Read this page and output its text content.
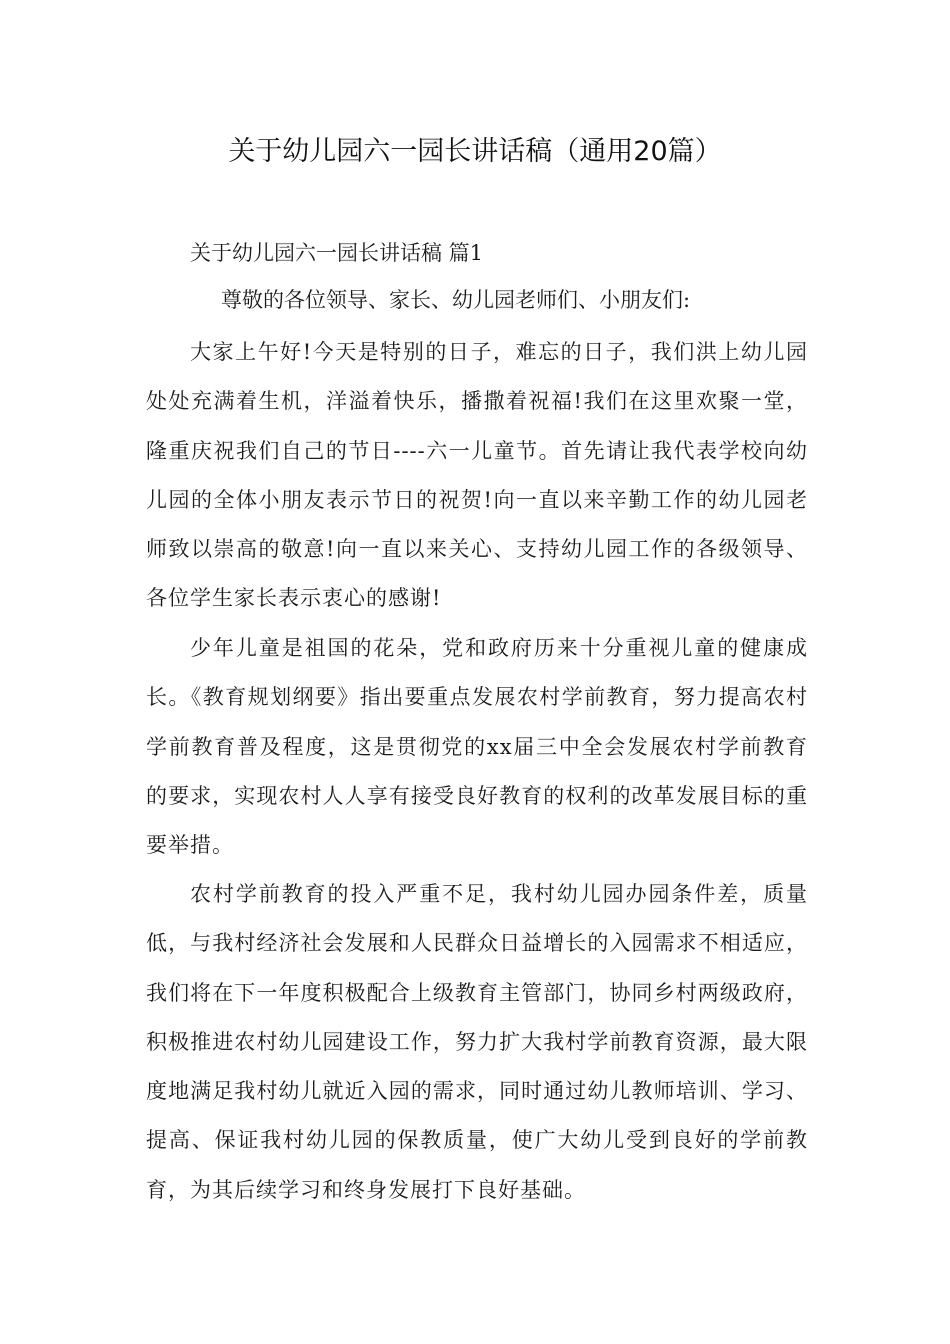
关于幼儿园六一园长讲话稿（通用20篇）
关于幼儿园六一园长讲话稿 篇1

尊敬的各位领导、家长、幼儿园老师们、小朋友们:

大家上午好!今天是特别的日子，难忘的日子，我们洪上幼儿园处处充满着生机，洋溢着快乐，播撒着祝福!我们在这里欢聚一堂，隆重庆祝我们自己的节日----六一儿童节。首先请让我代表学校向幼儿园的全体小朋友表示节日的祝贺!向一直以来辛勤工作的幼儿园老师致以崇高的敬意!向一直以来关心、支持幼儿园工作的各级领导、各位学生家长表示衷心的感谢!

少年儿童是祖国的花朵，党和政府历来十分重视儿童的健康成长。《教育规划纲要》指出要重点发展农村学前教育，努力提高农村学前教育普及程度，这是贯彻党的xx届三中全会发展农村学前教育的要求，实现农村人人享有接受良好教育的权利的改革发展目标的重要举措。

农村学前教育的投入严重不足，我村幼儿园办园条件差，质量低，与我村经济社会发展和人民群众日益增长的入园需求不相适应，我们将在下一年度积极配合上级教育主管部门，协同乡村两级政府，积极推进农村幼儿园建设工作，努力扩大我村学前教育资源，最大限度地满足我村幼儿就近入园的需求，同时通过幼儿教师培训、学习、提高、保证我村幼儿园的保教质量，使广大幼儿受到良好的学前教育，为其后续学习和终身发展打下良好基础。
